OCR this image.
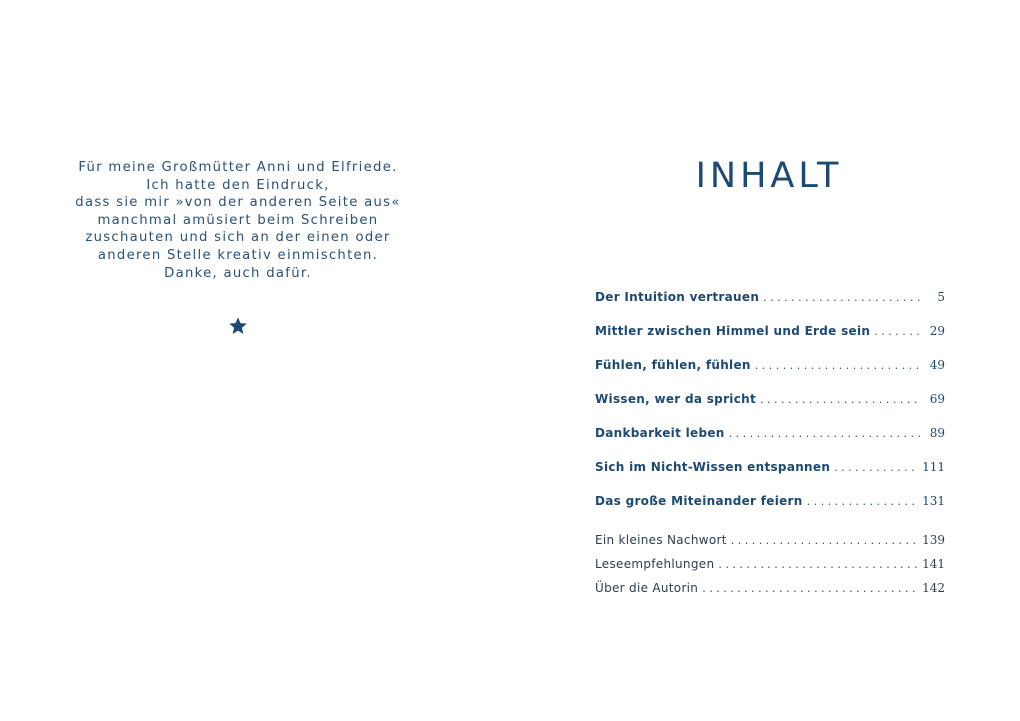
Für meine Großmütter Anni und Elfriede.
Ich hatte den Eindruck,
dass sie mir »von der anderen Seite aus«
manchmal amüsiert beim Schreiben
zuschauten und sich an der einen oder
anderen Stelle kreativ einmischten.
Danke, auch dafür.
INHALT
Der Intuition vertrauen . . .	5
Mittler zwischen Himmel und Erde sein . . .	29
Fühlen, fühlen, fühlen . . .	49
Wissen, wer da spricht . . .	69
Dankbarkeit leben . . .	89
Sich im Nicht-Wissen entspannen . . .	111
Das große Miteinander feiern . . .	131
Ein kleines Nachwort . . .	139
Leseempfehlungen . . .	141
Über die Autorin . . .	142
